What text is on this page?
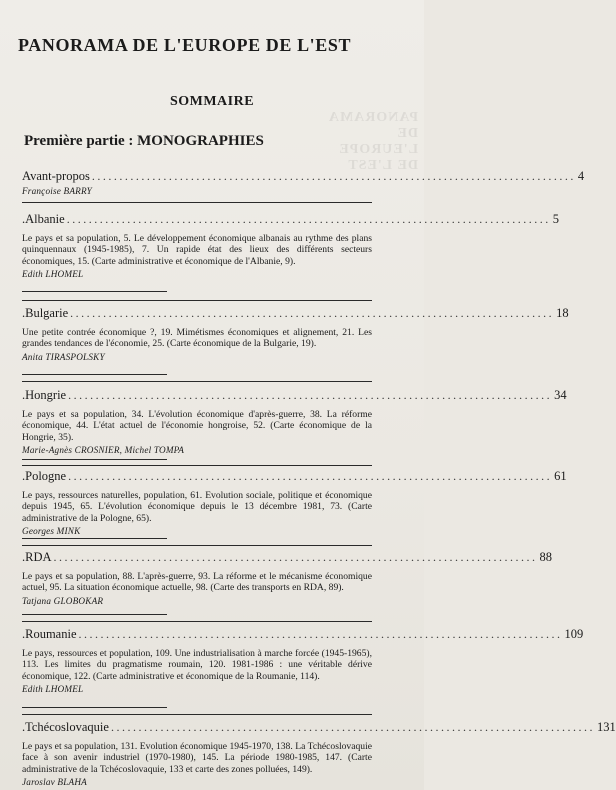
PANORAMA DE L'EUROPE DE L'EST
PANORAMA DE L'EUROPE DE L'EST
SOMMAIRE
Première partie : MONOGRAPHIES
Avant-propos ........................................................................................ 4
Françoise BARRY
.Albanie ........................................................................................ 5
Le pays et sa population, 5. Le développement économique albanais au rythme des plans quinquennaux (1945-1985), 7. Un rapide état des lieux des différents secteurs économiques, 15. (Carte administrative et économique de l'Albanie, 9).
Edith LHOMEL
.Bulgarie ........................................................................................ 18
Une petite contrée économique ?, 19. Mimétismes économiques et alignement, 21. Les grandes tendances de l'économie, 25. (Carte économique de la Bulgarie, 19).
Anita TIRASPOLSKY
.Hongrie ........................................................................................ 34
Le pays et sa population, 34. L'évolution économique d'après-guerre, 38. La réforme économique, 44. L'état actuel de l'économie hongroise, 52. (Carte économique de la Hongrie, 35).
Marie-Agnès CROSNIER, Michel TOMPA
.Pologne ........................................................................................ 61
Le pays, ressources naturelles, population, 61. Evolution sociale, politique et économique depuis 1945, 65. L'évolution économique depuis le 13 décembre 1981, 73. (Carte administrative de la Pologne, 65).
Georges MINK
.RDA ........................................................................................ 88
Le pays et sa population, 88. L'après-guerre, 93. La réforme et le mécanisme économique actuel, 95. La situation économique actuelle, 98. (Carte des transports en RDA, 89).
Tatjana GLOBOKAR
.Roumanie ........................................................................................ 109
Le pays, ressources et population, 109. Une industrialisation à marche forcée (1945-1965), 113. Les limites du pragmatisme roumain, 120. 1981-1986 : une véritable dérive économique, 122. (Carte administrative et économique de la Roumanie, 114).
Edith LHOMEL
.Tchécoslovaquie ........................................................................................ 131
Le pays et sa population, 131. Evolution économique 1945-1970, 138. La Tchécoslovaquie face à son avenir industriel (1970-1980), 145. La période 1980-1985, 147. (Carte administrative de la Tchécoslovaquie, 133 et carte des zones polluées, 149).
Jaroslav BLAHA
